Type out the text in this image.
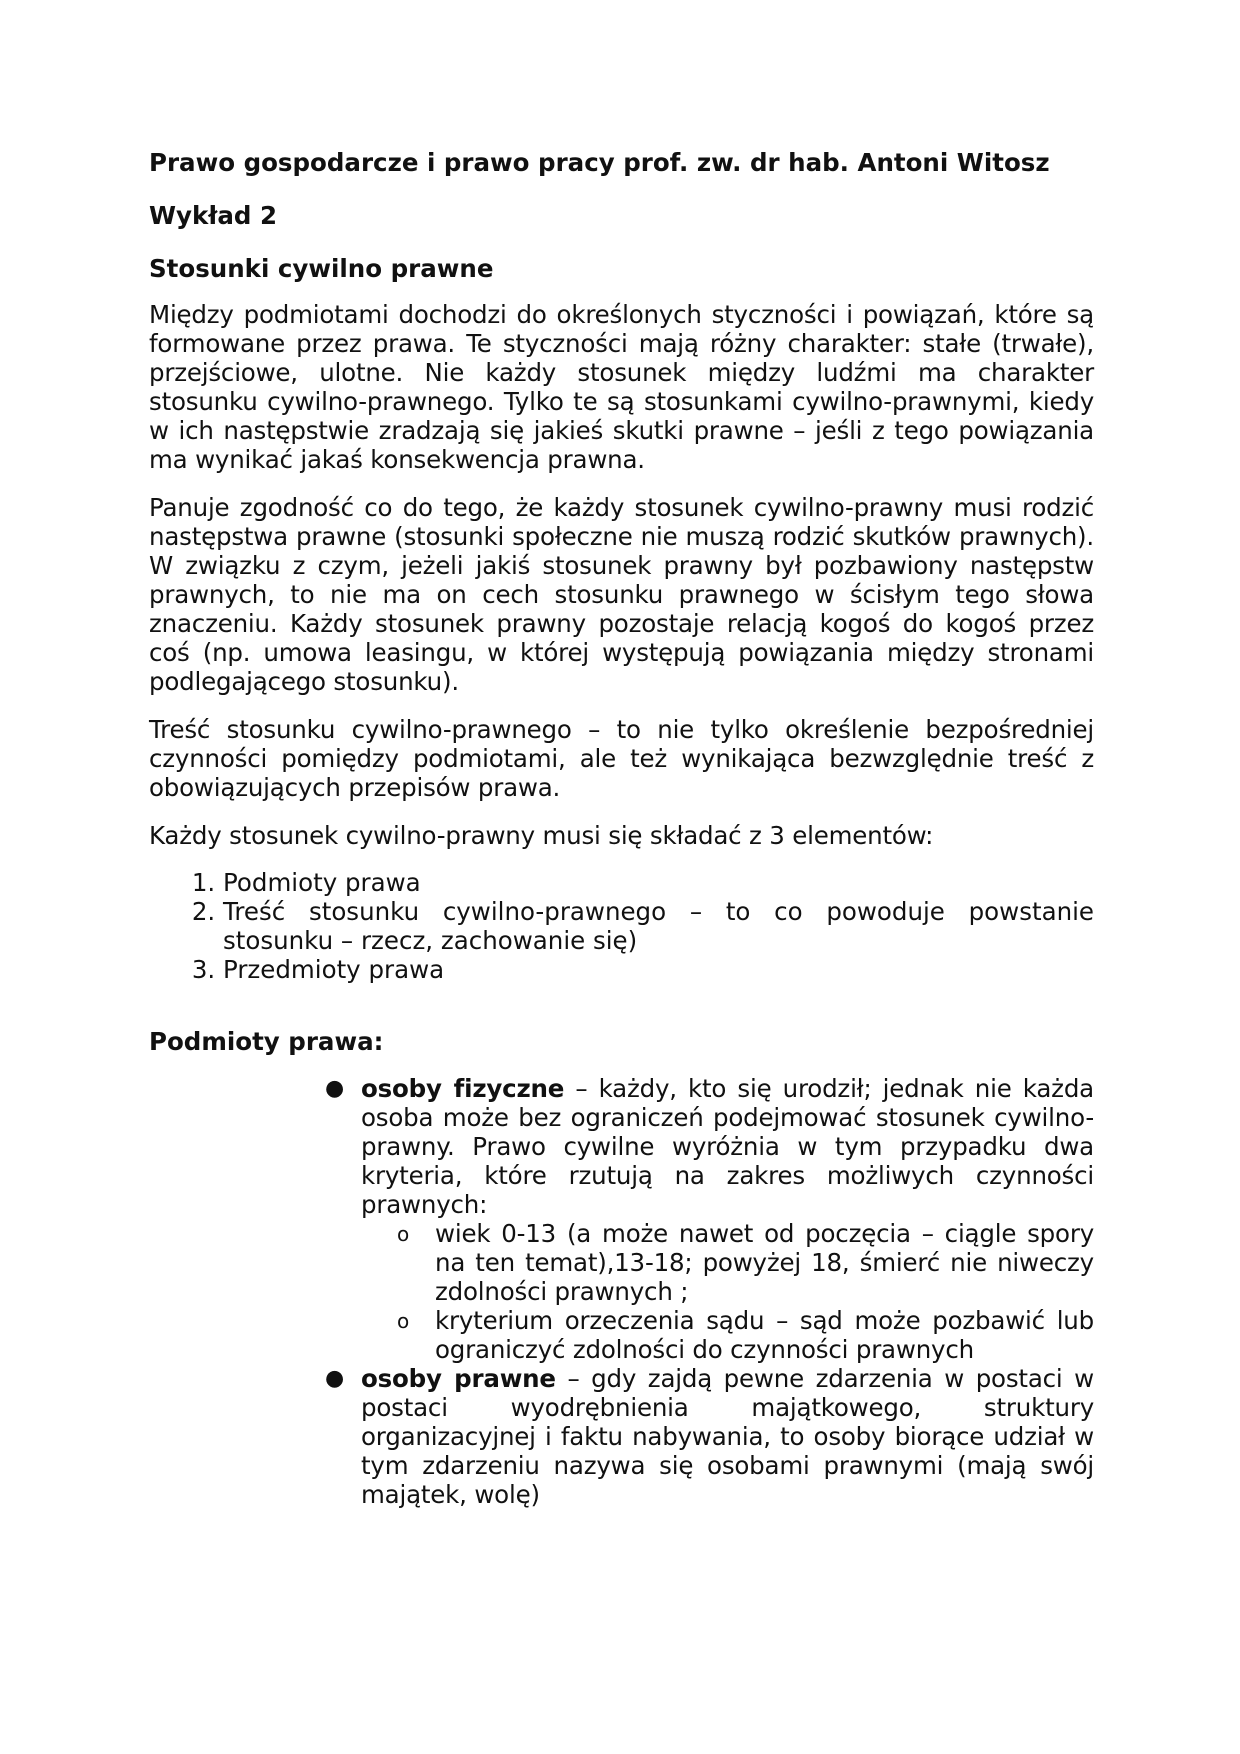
Prawo gospodarcze i prawo pracy prof. zw. dr hab. Antoni Witosz

Wykład 2

Stosunki cywilno prawne

Między podmiotami dochodzi do określonych styczności i powiązań, które są formowane przez prawa. Te styczności mają różny charakter: stałe (trwałe), przejściowe, ulotne. Nie każdy stosunek między ludźmi ma charakter stosunku cywilno-prawnego. Tylko te są stosunkami cywilno-prawnymi, kiedy w ich następstwie zradzają się jakieś skutki prawne – jeśli z tego powiązania ma wynikać jakaś konsekwencja prawna.

Panuje zgodność co do tego, że każdy stosunek cywilno-prawny musi rodzić następstwa prawne (stosunki społeczne nie muszą rodzić skutków prawnych). W związku z czym, jeżeli jakiś stosunek prawny był pozbawiony następstw prawnych, to nie ma on cech stosunku prawnego w ścisłym tego słowa znaczeniu. Każdy stosunek prawny pozostaje relacją kogoś do kogoś przez coś (np. umowa leasingu, w której występują powiązania między stronami podlegającego stosunku).

Treść stosunku cywilno-prawnego – to nie tylko określenie bezpośredniej czynności pomiędzy podmiotami, ale też wynikająca bezwzględnie treść z obowiązujących przepisów prawa.

Każdy stosunek cywilno-prawny musi się składać z 3 elementów:

1. Podmioty prawa
2. Treść stosunku cywilno-prawnego – to co powoduje powstanie stosunku – rzecz, zachowanie się)
3. Przedmioty prawa

Podmioty prawa:

● osoby fizyczne – każdy, kto się urodził; jednak nie każda osoba może bez ograniczeń podejmować stosunek cywilno-prawny. Prawo cywilne wyróżnia w tym przypadku dwa kryteria, które rzutują na zakres możliwych czynności prawnych:
o wiek 0-13 (a może nawet od poczęcia – ciągle spory na ten temat),13-18; powyżej 18, śmierć nie niweczy zdolności prawnych ;
o kryterium orzeczenia sądu – sąd może pozbawić lub ograniczyć zdolności do czynności prawnych
● osoby prawne – gdy zajdą pewne zdarzenia w postaci w postaci wyodrębnienia majątkowego, struktury organizacyjnej i faktu nabywania, to osoby biorące udział w tym zdarzeniu nazywa się osobami prawnymi (mają swój majątek, wolę)
